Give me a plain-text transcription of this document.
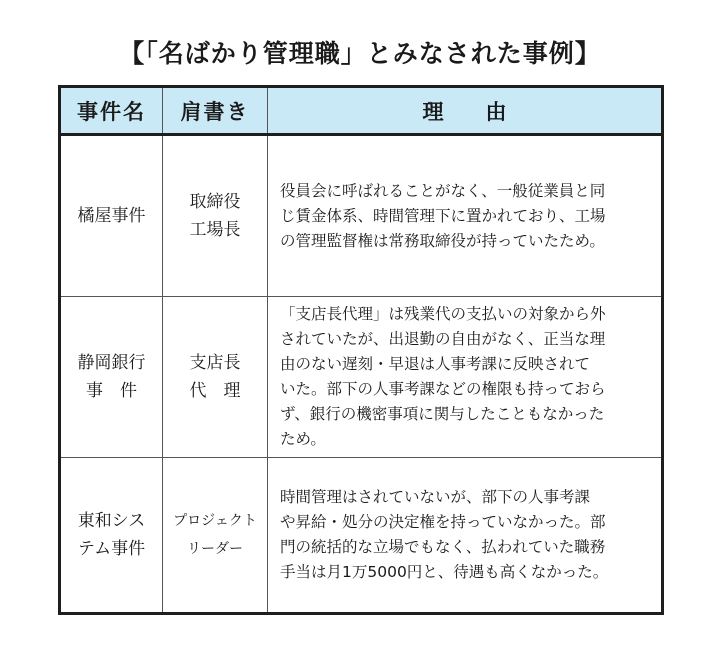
【「名ばかり管理職」とみなされた事例】
事件名	肩書き	理　　由
橘屋事件
取締役
工場長
役員会に呼ばれることがなく、一般従業員と同
じ賃金体系、時間管理下に置かれており、工場
の管理監督権は常務取締役が持っていたため。
静岡銀行
事　件
支店長
代　理
「支店長代理」は残業代の支払いの対象から外
されていたが、出退勤の自由がなく、正当な理
由のない遅刻・早退は人事考課に反映されて
いた。部下の人事考課などの権限も持っておら
ず、銀行の機密事項に関与したこともなかった
ため。
東和シス
テム事件
プロジェクト
リーダー
時間管理はされていないが、部下の人事考課
や昇給・処分の決定権を持っていなかった。部
門の統括的な立場でもなく、払われていた職務
手当は月1万5000円と、待遇も高くなかった。
